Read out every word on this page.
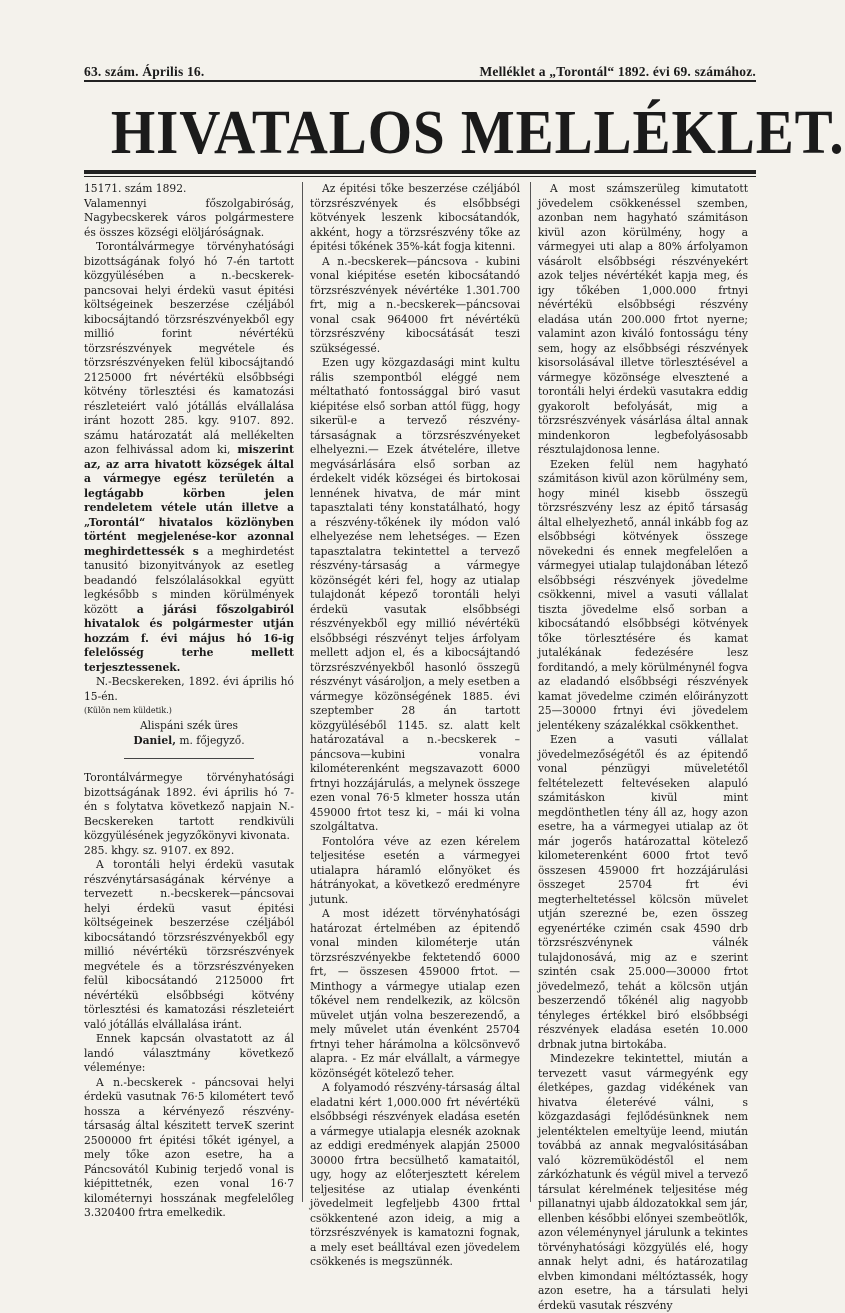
63. szám. Április 16.	Melléklet a „Torontál“ 1892. évi 69. számához.
HIVATALOS MELLÉKLET.

15171. szám 1892.

Valamennyi főszolgabiróság, Nagybecskerek város polgármestere és összes községi elöljáróságnak.

Torontálvármegye törvényhatósági bizottságának folyó hó 7-én tartott közgyülésében a n.-becskerek-pancsovai helyi érdekü vasut épitési költségeinek beszerzése czéljából kibocsájtandó törzsrészvényekből egy millió forint névértékü törzsrészvények megvétele és törzsrészvényeken felül kibocsájtandó 2125000 frt névértékü elsőbbségi kötvény törlesztési és kamatozási részleteiért való jótállás elvállalása iránt hozott 285. kgy. 9107. 892. számu határozatát alá mellékelten azon felhivással adom ki, miszerint az, az arra hivatott községek által a vármegye egész területén a legtágabb körben jelen rendeletem vétele után illetve a „Torontál“ hivatalos közlönyben történt megjelenése-kor azonnal meghirdettessék s a meghirdetést tanusitó bizonyitványok az esetleg beadandó felszólalásokkal együtt legkésőbb s minden körülmények között a járási főszolgabiról hivatalok és polgármester utján hozzám f. évi május hó 16-ig felelősség terhe mellett terjesztessenek.

N.-Becskereken, 1892. évi április hó 15-én.

(Külön nem küldetik.)

Alispáni szék üres
Daniel, m. főjegyző.

Torontálvármegye törvényhatósági bizottságának 1892. évi április hó 7-én s folytatva következő napjain N.-Becskereken tartott rendkivüli közgyülésének jegyzőkönyvi kivonata.

285. khgy. sz. 9107. ex 892.

A torontáli helyi érdekü vasutak részvénytársaságának kérvénye a tervezett n.-becskerek—páncsovai helyi érdekü vasut épitési költségeinek beszerzése czéljából kibocsátandó törzsrészvényekből egy millió névértékü törzsrészvények megvétele és a törzsrészvényeken felül kibocsátandó 2125000 frt névértékü elsőbbségi kötvény törlesztési és kamatozási részleteiért való jótállás elvállalása iránt.

Ennek kapcsán olvastatott az ál landó választmány következő véleménye:

A n.-becskerek - páncsovai helyi érdekü vasutnak 76·5 kilométert tevő hossza a kérvényező részvény-társaság által készitett terveK szerint 2500000 frt épitési tőkét igényel, a mely tőke azon esetre, ha a Páncsovától Kubinig terjedő vonal is kiépittetnék, ezen vonal 16·7 kilométernyi hosszának megfelelőleg 3.320400 frtra emelkedik.

Az épitési tőke beszerzése czéljából törzsrészvények és elsőbbségi kötvények leszenk kibocsátandók, akként, hogy a törzsrészvény tőke az épitési tőkének 35%-kát fogja kitenni.

A n.-becskerek—páncsova - kubini vonal kiépitése esetén kibocsátandó törzsrészvények névértéke 1.301.700 frt, mig a n.-becskerek—páncsovai vonal csak 964000 frt névértékü törzsrészvény kibocsátását teszi szükségessé.

Ezen ugy közgazdasági mint kultu rális szempontból eléggé nem méltatható fontossággal biró vasut kiépitése első sorban attól függ, hogy sikerül-e a tervező részvény-társaságnak a törzsrészvényeket elhelyezni.— Ezek átvételére, illetve megvásárlására első sorban az érdekelt vidék községei és birtokosai lennének hivatva, de már mint tapasztalati tény konstatálható, hogy a részvény-tőkének ily módon való elhelyezése nem lehetséges. — Ezen tapasztalatra tekintettel a tervező részvény-társaság a vármegye közönségét kéri fel, hogy az utialap tulajdonát képező torontáli helyi érdekü vasutak elsőbbségi részvényekből egy millió névértékü elsőbbségi részvényt teljes árfolyam mellett adjon el, és a kibocsájtandó törzsrészvényekből hasonló összegü részvényt vásároljon, a mely esetben a vármegye közönségének 1885. évi szeptember 28 án tartott közgyüléséből 1145. sz. alatt kelt határozatával a n.-becskerek – páncsova—kubini vonalra kilométerenként megszavazott 6000 frtnyi hozzájárulás, a melynek összege ezen vonal 76·5 klmeter hossza után 459000 frtot tesz ki, – mái ki volna szolgáltatva.

Fontolóra véve az ezen kérelem teljesitése esetén a vármegyei utialapra háramló előnyöket és hátrányokat, a következő eredményre jutunk.

A most idézett törvényhatósági határozat értelmében az épitendő vonal minden kilométerje után törzsrészvényekbe fektetendő 6000 frt, — összesen 459000 frtot. — Minthogy a vármegye utialap ezen tőkével nem rendelkezik, az kölcsön müvelet utján volna beszerezendő, a mely művelet után évenként 25704 frtnyi teher hárámolna a kölcsönvevő alapra. - Ez már elvállalt, a vármegye közönségét kötelező teher.

A folyamodó részvény-társaság által eladatni kért 1,000.000 frt névértékü elsőbbségi részvények eladása esetén a vármegye utialapja elesnék azoknak az eddigi eredmények alapján 25000 30000 frtra becsülhető kamataitól, ugy, hogy az előterjesztett kérelem teljesitése az utialap évenkénti jövedelmeit legfeljebb 4300 frttal csökkentené azon ideig, a mig a törzsrészvények is kamatozni fognak, a mely eset beálltával ezen jövedelem csökkenés is megszünnék.

A most számszerüleg kimutatott jövedelem csökkenéssel szemben, azonban nem hagyható számitáson kivül azon körülmény, hogy a vármegyei uti alap a 80% árfolyamon vásárolt elsőbbségi részvényekért azok teljes névértékét kapja meg, és igy tőkében 1,000.000 frtnyi névértékü elsőbbségi részvény eladása után 200.000 frtot nyerne; valamint azon kiváló fontosságu tény sem, hogy az elsőbbségi részvények kisorsolásával illetve törlesztésével a vármegye közönsége elvesztené a torontáli helyi érdekü vasutakra eddig gyakorolt befolyását, mig a törzsrészvények vásárlása által annak mindenkoron legbefolyásosabb résztulajdonosa lenne.

Ezeken felül nem hagyható számitáson kivül azon körülmény sem, hogy minél kisebb összegü törzsrészvény lesz az épitő társaság által elhelyezhető, annál inkább fog az elsőbbségi kötvények összege növekedni és ennek megfelelően a vármegyei utialap tulajdonában létező elsőbbségi részvények jövedelme csökkenni, mivel a vasuti vállalat tiszta jövedelme első sorban a kibocsátandó elsőbbségi kötvények tőke törlesztésére és kamat jutalékának fedezésére lesz forditandó, a mely körülménynél fogva az eladandó elsőbbségi részvények kamat jövedelme czimén előirányzott 25—30000 frtnyi évi jövedelem jelentékeny százalékkal csökkenthet.

Ezen a vasuti vállalat jövedelmezőségétől és az épitendő vonal pénzügyi müveletétől feltételezett feltevéseken alapuló számitáskon kivül mint megdönthetlen tény áll az, hogy azon esetre, ha a vármegyei utialap az öt már jogerős határozattal kötelező kilometerenként 6000 frtot tevő összesen 459000 frt hozzájárulási összeget 25704 frt évi megterheltetéssel kölcsön müvelet utján szerezné be, ezen összeg egyenértéke czimén csak 4590 drb törzsrészvénynek válnék tulajdonosává, mig az e szerint szintén csak 25.000—30000 frtot jövedelmező, tehát a kölcsön utján beszerzendő tőkénél alig nagyobb tényleges értékkel biró elsőbbségi részvények eladása esetén 10.000 drbnak jutna birtokába.

Mindezekre tekintettel, miután a tervezett vasut vármegyénk egy életképes, gazdag vidékének van hivatva életerévé válni, s közgazdasági fejlődésünknek nem jelentéktelen emeltyüje leend, miután továbbá az annak megvalósitásában való közremüködéstől el nem zárkózhatunk és végül mivel a tervező társulat kérelmének teljesitése még pillanatnyi ujabb áldozatokkal sem jár, ellenben későbbi előnyei szembeötlők, azon véleménynyel járulunk a tekintes törvényhatósági közgyülés elé, hogy annak helyt adni, és határozatilag elvben kimondani méltóztassék, hogy azon esetre, ha a társulati helyi érdekü vasutak részvény
